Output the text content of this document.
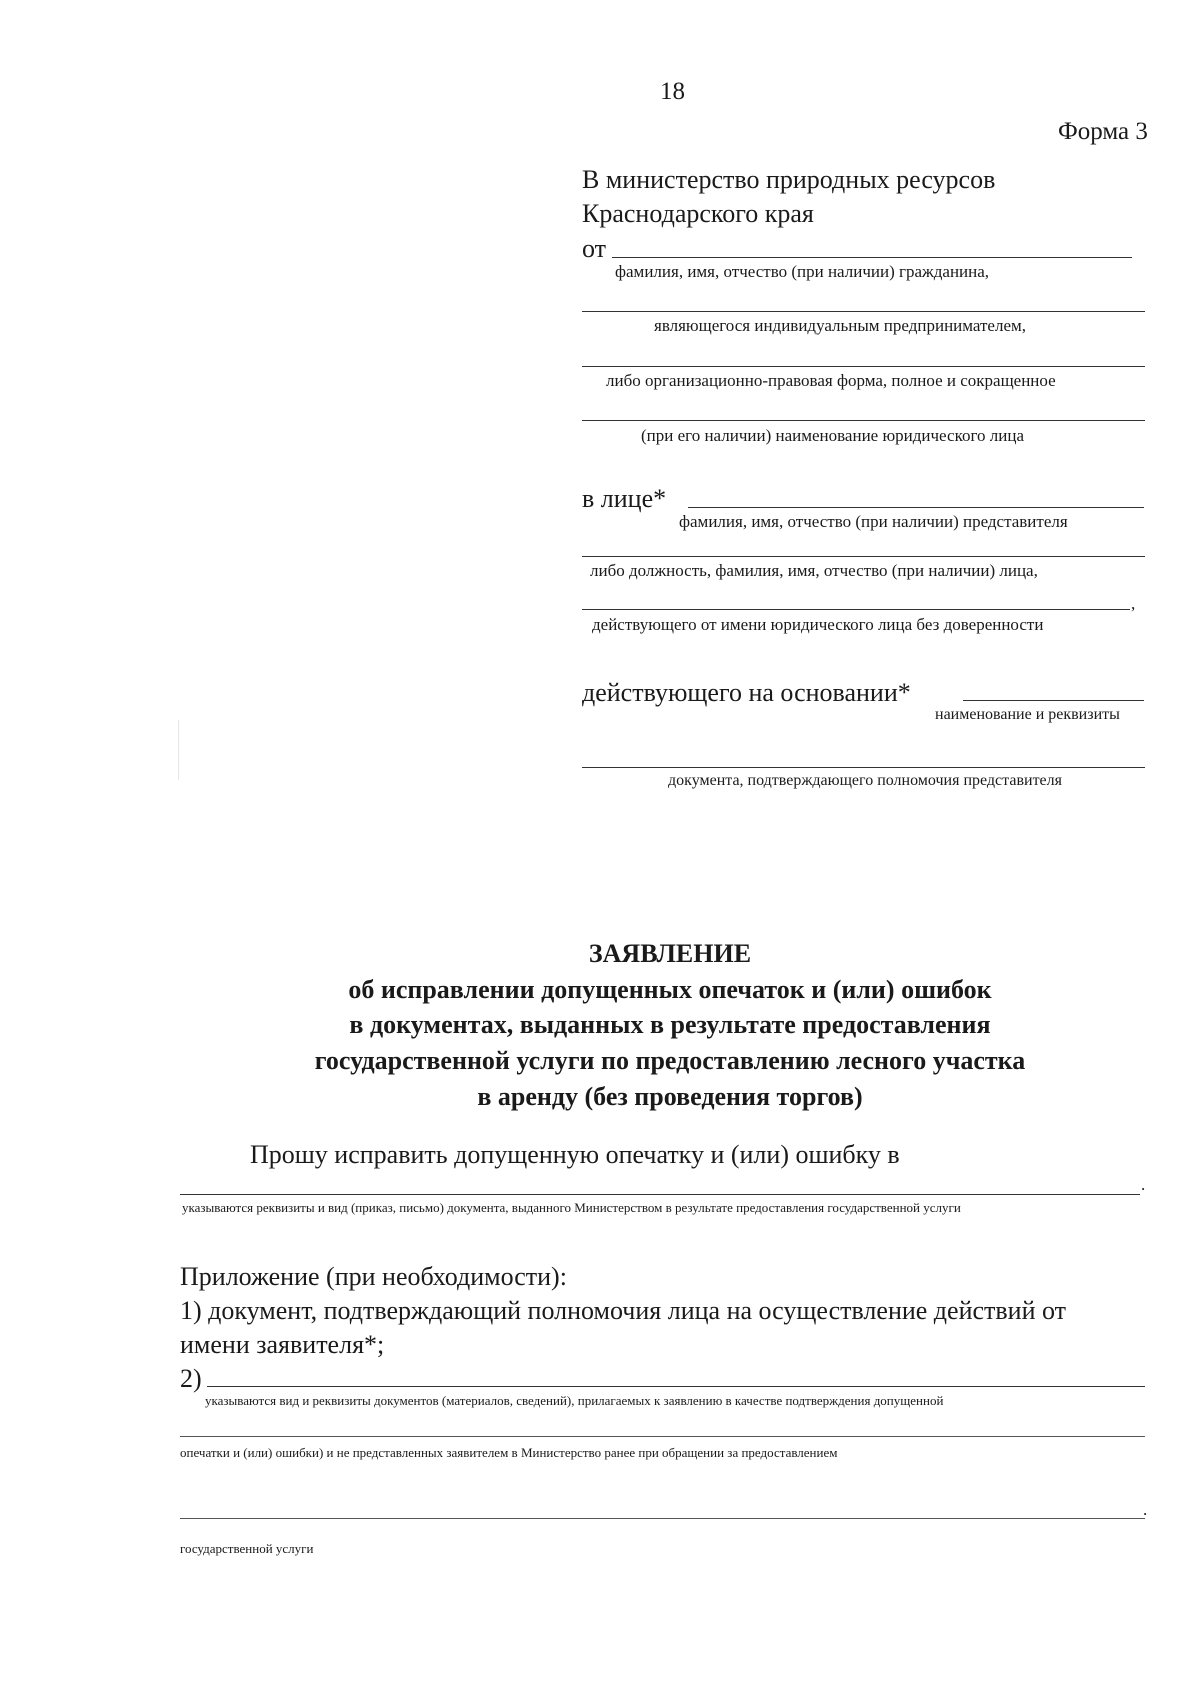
18
Форма 3
В министерство природных ресурсов
Краснодарского края
от
фамилия, имя, отчество (при наличии) гражданина,
являющегося индивидуальным предпринимателем,
либо организационно-правовая форма, полное и сокращенное
(при его наличии) наименование юридического лица
в лице*
фамилия, имя, отчество (при наличии) представителя
либо должность, фамилия, имя, отчество (при наличии) лица,
,
действующего от имени юридического лица без доверенности
действующего на основании*
наименование и реквизиты
документа, подтверждающего полномочия представителя
ЗАЯВЛЕНИЕ
об исправлении допущенных опечаток и (или) ошибок
в документах, выданных в результате предоставления
государственной услуги по предоставлению лесного участка
в аренду (без проведения торгов)
Прошу исправить допущенную опечатку и (или) ошибку в
.
указываются реквизиты и вид (приказ, письмо) документа, выданного Министерством в результате предоставления государственной услуги
Приложение (при необходимости):
1) документ, подтверждающий полномочия лица на осуществление действий от
имени заявителя*;
2)
указываются вид и реквизиты документов (материалов, сведений), прилагаемых к заявлению в качестве подтверждения допущенной
опечатки и (или) ошибки) и не представленных заявителем в Министерство ранее при обращении за предоставлением
.
государственной услуги
